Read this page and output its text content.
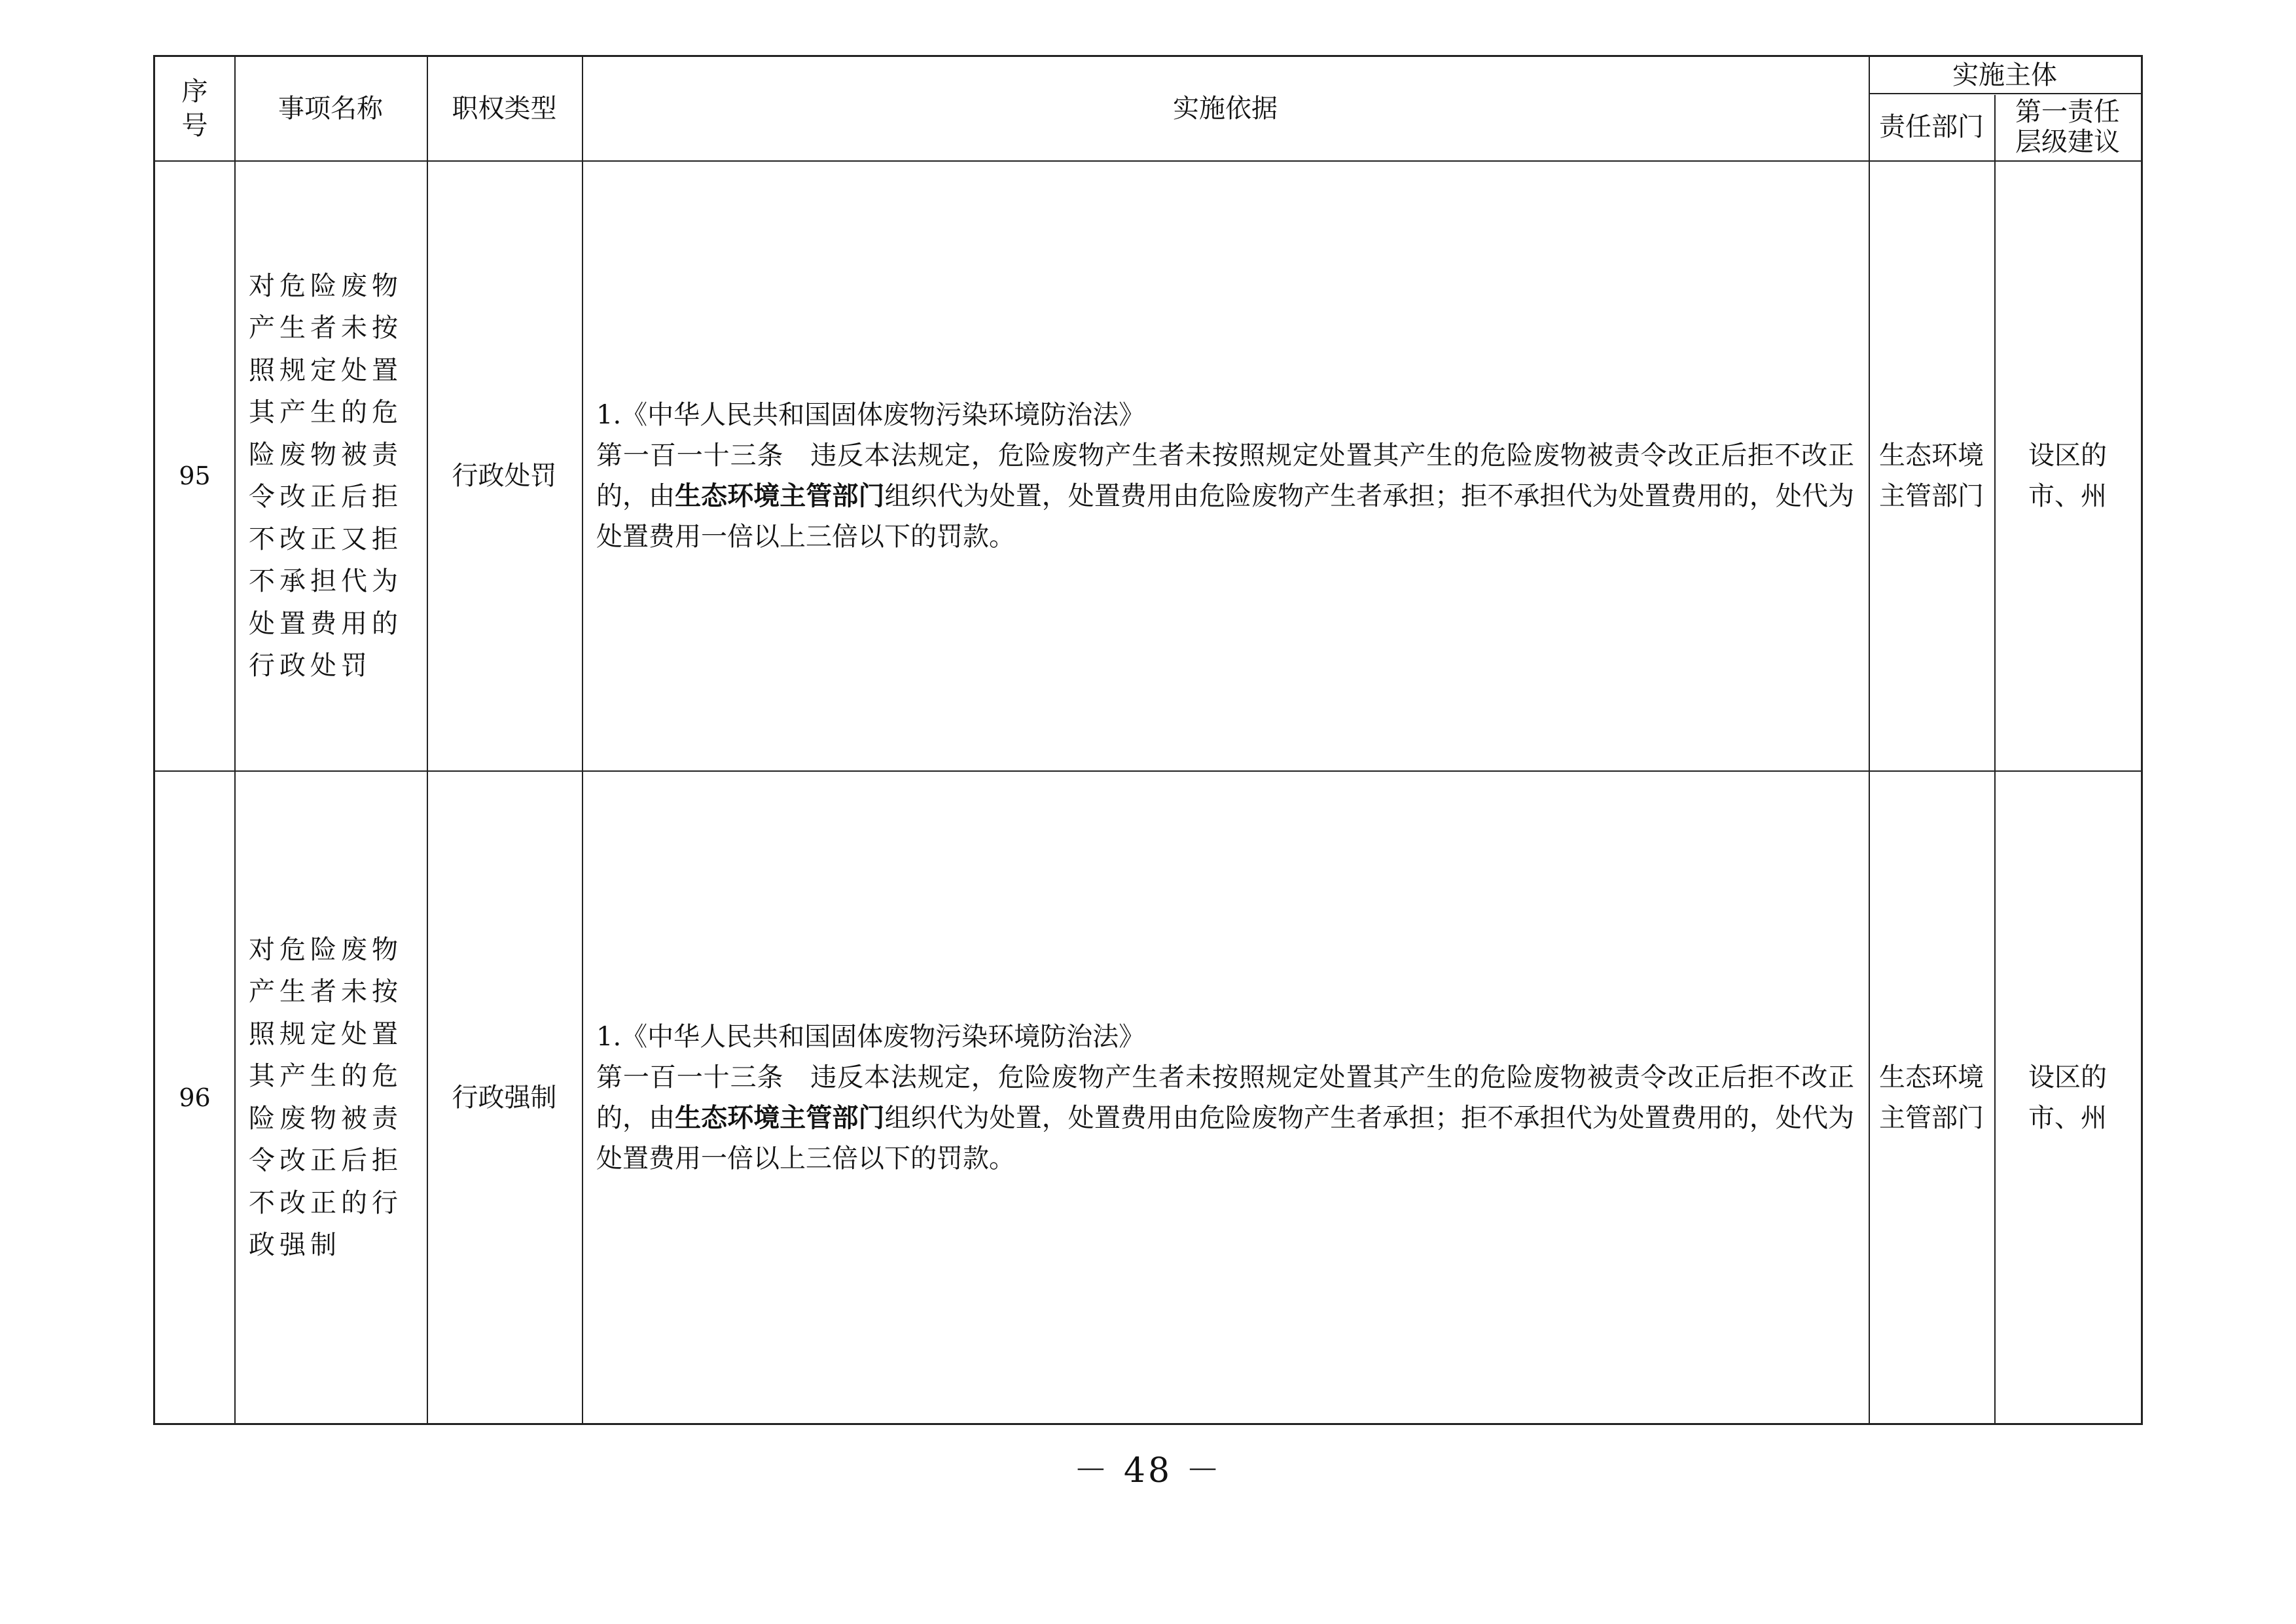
序
号
事项名称	职权类型	实施依据
实施主体
责任部门 第一责任
层级建议
95
对危险废物
产生者未按
照规定处置
其产生的危
险废物被责
令改正后拒
不改正又拒
不承担代为
处置费用的
行政处罚
行政处罚

1.《中华人民共和国固体废物污染环境防治法》

第一百一十三条　违反本法规定，危险废物产生者未按照规定处置其产生的危险废物被责令改正后拒不改正的，由生态环境主管部门组织代为处置，处置费用由危险废物产生者承担；拒不承担代为处置费用的，处代为处置费用一倍以上三倍以下的罚款。

生态环境
主管部门
设区的
市、州
96
对危险废物
产生者未按
照规定处置
其产生的危
险废物被责
令改正后拒
不改正的行
政强制
行政强制

1.《中华人民共和国固体废物污染环境防治法》

第一百一十三条　违反本法规定，危险废物产生者未按照规定处置其产生的危险废物被责令改正后拒不改正的，由生态环境主管部门组织代为处置，处置费用由危险废物产生者承担；拒不承担代为处置费用的，处代为处置费用一倍以上三倍以下的罚款。

生态环境
主管部门
设区的
市、州
－ 48 －
